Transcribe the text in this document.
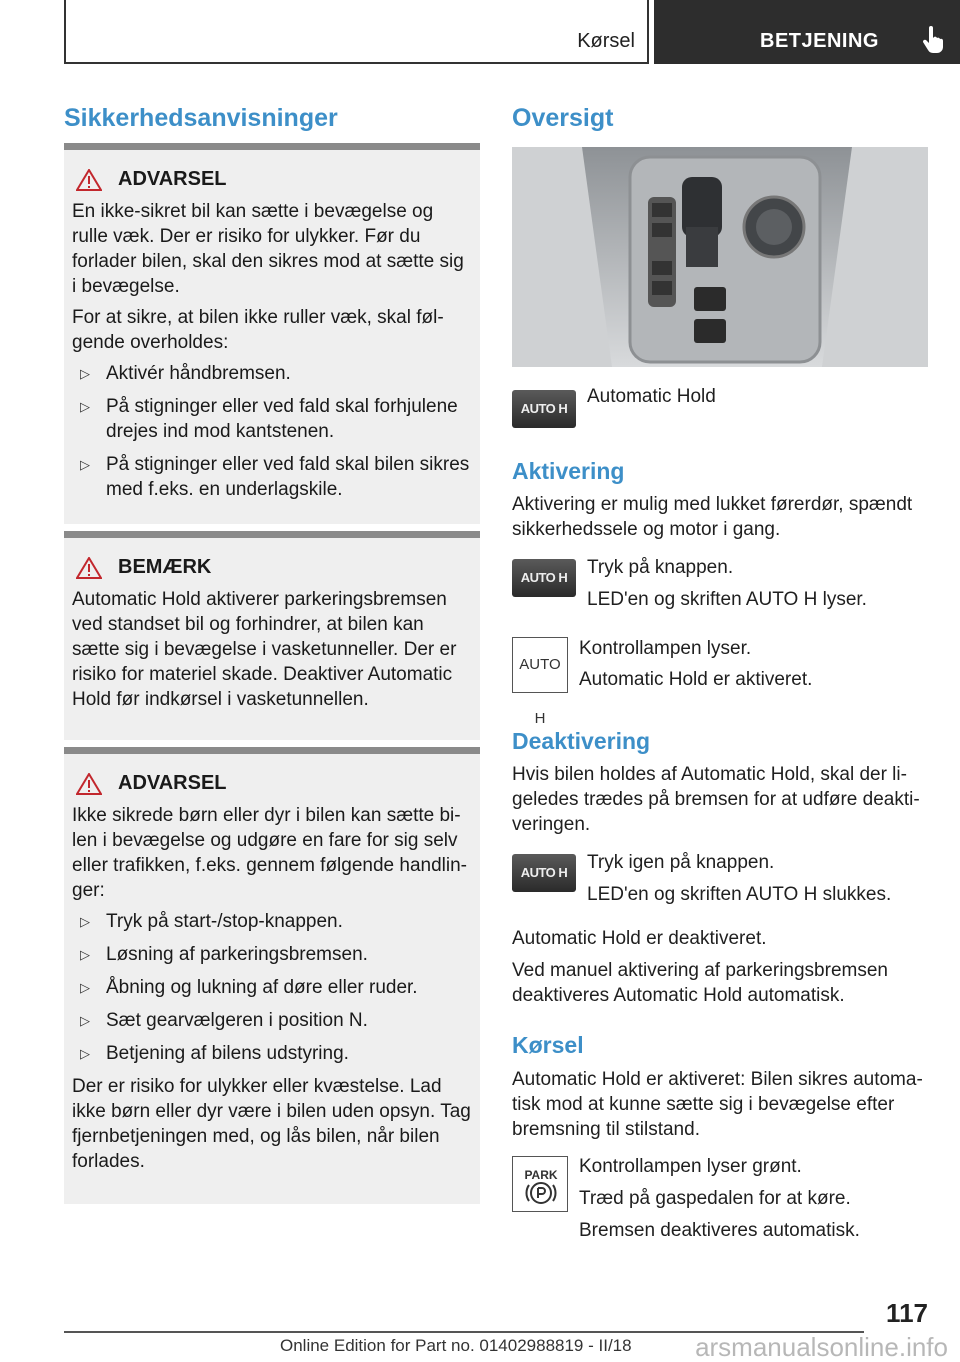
Kørsel	BETJENING
Sikkerhedsanvisninger
ADVARSEL

En ikke-sikret bil kan sætte i bevægelse og rulle væk. Der er risiko for ulykker. Før du forlader bilen, skal den sikres mod at sætte sig i bevægelse.

For at sikre, at bilen ikke ruller væk, skal følgende overholdes:

▷ Aktivér håndbremsen.
▷ På stigninger eller ved fald skal forhjulene drejes ind mod kantstenen.
▷ På stigninger eller ved fald skal bilen sikres med f.eks. en underlagskile.
BEMÆRK

Automatic Hold aktiverer parkeringsbremsen ved standset bil og forhindrer, at bilen kan sætte sig i bevægelse i vasketunneller. Der er risiko for materiel skade. Deaktiver Automatic Hold før indkørsel i vasketunnellen.

ADVARSEL

Ikke sikrede børn eller dyr i bilen kan sætte bilen i bevægelse og udgøre en fare for sig selv eller trafikken, f.eks. gennem følgende handlinger:

▷ Tryk på start-/stop-knappen.
▷ Løsning af parkeringsbremsen.
▷ Åbning og lukning af døre eller ruder.
▷ Sæt gearvælgeren i position N.
▷ Betjening af bilens udstyring.

Der er risiko for ulykker eller kvæstelse. Lad ikke børn eller dyr være i bilen uden opsyn. Tag fjernbetjeningen med, og lås bilen, når bilen forlades.

Oversigt
AUTO H
Automatic Hold
Aktivering
Aktivering er mulig med lukket førerdør, spændt sikkerhedssele og motor i gang.
AUTO H	Tryk på knappen.
LED'en og skriften AUTO H lyser.
AUTO H
Kontrollampen lyser.
Automatic Hold er aktiveret.
Deaktivering
Hvis bilen holdes af Automatic Hold, skal der ligeledes trædes på bremsen for at udføre deaktiveringen.
AUTO H	Tryk igen på knappen.
LED'en og skriften AUTO H slukkes.
Automatic Hold er deaktiveret.
Ved manuel aktivering af parkeringsbremsen deaktiveres Automatic Hold automatisk.
Kørsel
Automatic Hold er aktiveret: Bilen sikres automatisk mod at kunne sætte sig i bevægelse efter bremsning til stilstand.
PARK Kontrollampen lyser grønt.
Træd på gaspedalen for at køre.
Bremsen deaktiveres automatisk.
117
Online Edition for Part no. 01402988819 - II/18 arsmanualsonline.info
